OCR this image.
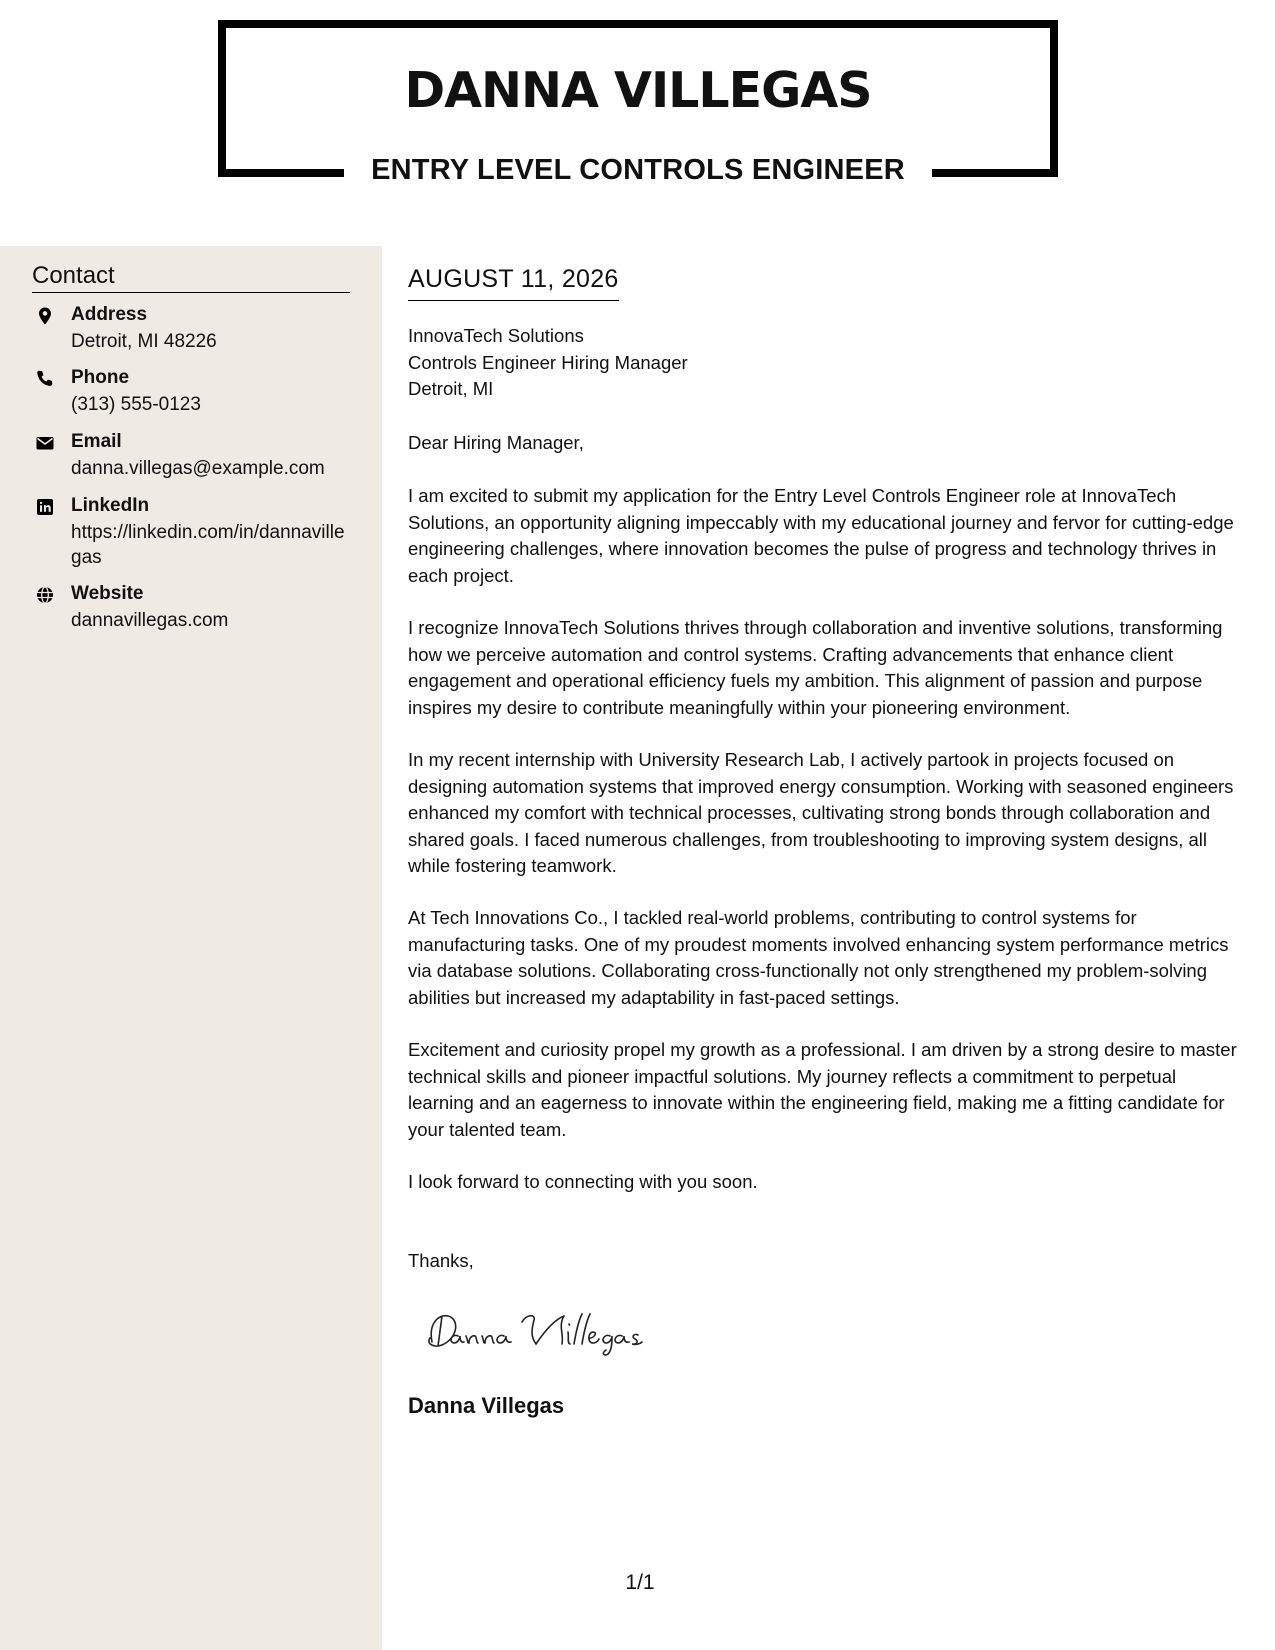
DANNA VILLEGAS
ENTRY LEVEL CONTROLS ENGINEER
Contact
Address
Detroit, MI 48226
Phone
(313) 555-0123
Email
danna.villegas@example.com
LinkedIn
https://linkedin.com/in/dannavillegas
Website
dannavillegas.com
AUGUST 11, 2026
InnovaTech Solutions
Controls Engineer Hiring Manager
Detroit, MI
Dear Hiring Manager,
I am excited to submit my application for the Entry Level Controls Engineer role at InnovaTech Solutions, an opportunity aligning impeccably with my educational journey and fervor for cutting-edge engineering challenges, where innovation becomes the pulse of progress and technology thrives in each project.
I recognize InnovaTech Solutions thrives through collaboration and inventive solutions, transforming how we perceive automation and control systems. Crafting advancements that enhance client engagement and operational efficiency fuels my ambition. This alignment of passion and purpose inspires my desire to contribute meaningfully within your pioneering environment.
In my recent internship with University Research Lab, I actively partook in projects focused on designing automation systems that improved energy consumption. Working with seasoned engineers enhanced my comfort with technical processes, cultivating strong bonds through collaboration and shared goals. I faced numerous challenges, from troubleshooting to improving system designs, all while fostering teamwork.
At Tech Innovations Co., I tackled real-world problems, contributing to control systems for manufacturing tasks. One of my proudest moments involved enhancing system performance metrics via database solutions. Collaborating cross-functionally not only strengthened my problem-solving abilities but increased my adaptability in fast-paced settings.
Excitement and curiosity propel my growth as a professional. I am driven by a strong desire to master technical skills and pioneer impactful solutions. My journey reflects a commitment to perpetual learning and an eagerness to innovate within the engineering field, making me a fitting candidate for your talented team.
I look forward to connecting with you soon.
Thanks,
Danna Villegas
1/1
